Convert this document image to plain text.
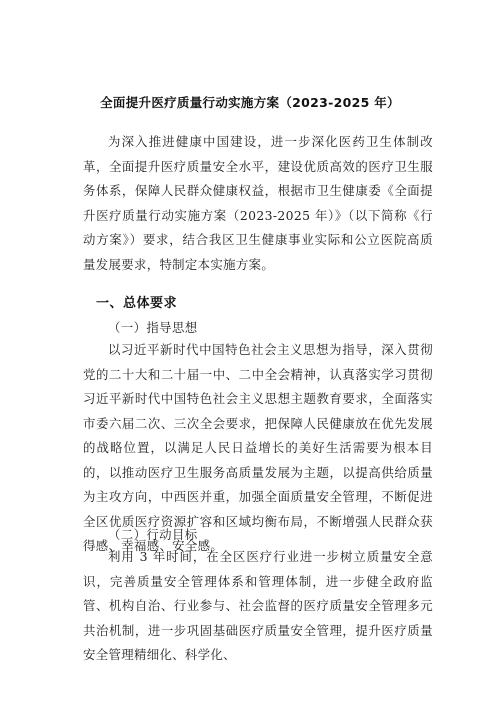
全面提升医疗质量行动实施方案（2023-2025 年）

为深入推进健康中国建设，进一步深化医药卫生体制改革，全面提升医疗质量安全水平，建设优质高效的医疗卫生服务体系，保障人民群众健康权益，根据市卫生健康委《全面提升医疗质量行动实施方案（2023-2025 年）》（以下简称《行动方案》）要求，结合我区卫生健康事业实际和公立医院高质量发展要求，特制定本实施方案。

一、总体要求
（一）指导思想

以习近平新时代中国特色社会主义思想为指导，深入贯彻党的二十大和二十届一中、二中全会精神，认真落实学习贯彻习近平新时代中国特色社会主义思想主题教育要求，全面落实市委六届二次、三次全会要求，把保障人民健康放在优先发展的战略位置，以满足人民日益增长的美好生活需要为根本目的，以推动医疗卫生服务高质量发展为主题，以提高供给质量为主攻方向，中西医并重，加强全面质量安全管理，不断促进全区优质医疗资源扩容和区域均衡布局，不断增强人民群众获得感、幸福感、安全感。

（二）行动目标

利用 3 年时间，在全区医疗行业进一步树立质量安全意识，完善质量安全管理体系和管理体制，进一步健全政府监管、机构自治、行业参与、社会监督的医疗质量安全管理多元共治机制，进一步巩固基础医疗质量安全管理，提升医疗质量安全管理精细化、科学化、
